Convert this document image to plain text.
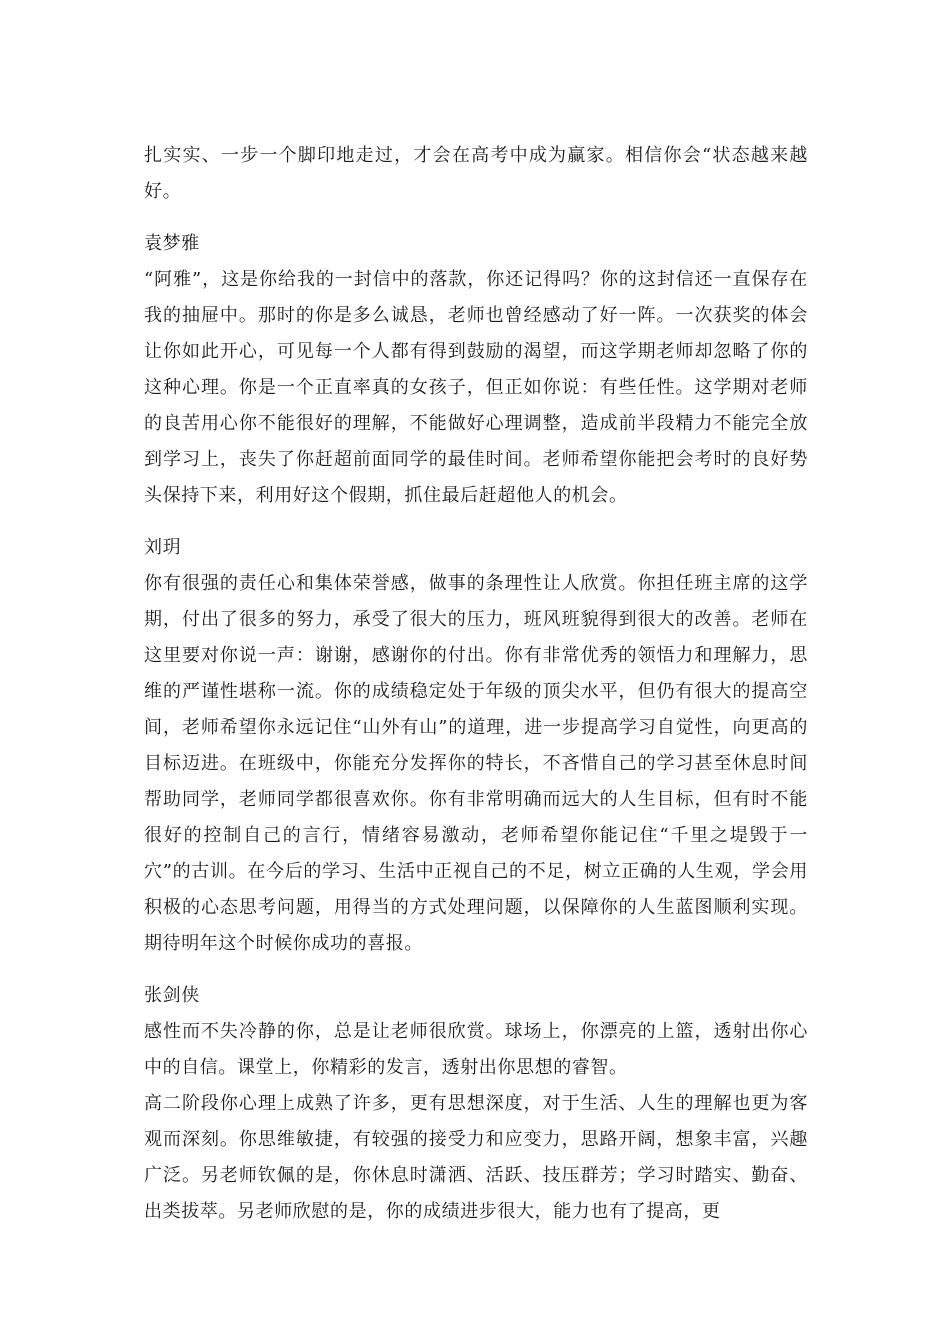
扎实实、一步一个脚印地走过，才会在高考中成为赢家。相信你会“状态越来越好。

袁梦雅

“阿雅”，这是你给我的一封信中的落款，你还记得吗？你的这封信还一直保存在我的抽屉中。那时的你是多么诚恳，老师也曾经感动了好一阵。一次获奖的体会让你如此开心，可见每一个人都有得到鼓励的渴望，而这学期老师却忽略了你的这种心理。你是一个正直率真的女孩子，但正如你说：有些任性。这学期对老师的良苦用心你不能很好的理解，不能做好心理调整，造成前半段精力不能完全放到学习上，丧失了你赶超前面同学的最佳时间。老师希望你能把会考时的良好势头保持下来，利用好这个假期，抓住最后赶超他人的机会。

刘玥

你有很强的责任心和集体荣誉感，做事的条理性让人欣赏。你担任班主席的这学期，付出了很多的努力，承受了很大的压力，班风班貌得到很大的改善。老师在这里要对你说一声：谢谢，感谢你的付出。你有非常优秀的领悟力和理解力，思维的严谨性堪称一流。你的成绩稳定处于年级的顶尖水平，但仍有很大的提高空间，老师希望你永远记住“山外有山”的道理，进一步提高学习自觉性，向更高的目标迈进。在班级中，你能充分发挥你的特长，不吝惜自己的学习甚至休息时间帮助同学，老师同学都很喜欢你。你有非常明确而远大的人生目标，但有时不能很好的控制自己的言行，情绪容易激动，老师希望你能记住“千里之堤毁于一穴”的古训。在今后的学习、生活中正视自己的不足，树立正确的人生观，学会用积极的心态思考问题，用得当的方式处理问题，以保障你的人生蓝图顺利实现。期待明年这个时候你成功的喜报。

张剑侠

感性而不失冷静的你，总是让老师很欣赏。球场上，你漂亮的上篮，透射出你心中的自信。课堂上，你精彩的发言，透射出你思想的睿智。

高二阶段你心理上成熟了许多，更有思想深度，对于生活、人生的理解也更为客观而深刻。你思维敏捷，有较强的接受力和应变力，思路开阔，想象丰富，兴趣广泛。另老师钦佩的是，你休息时潇洒、活跃、技压群芳；学习时踏实、勤奋、出类拔萃。另老师欣慰的是，你的成绩进步很大，能力也有了提高，更
